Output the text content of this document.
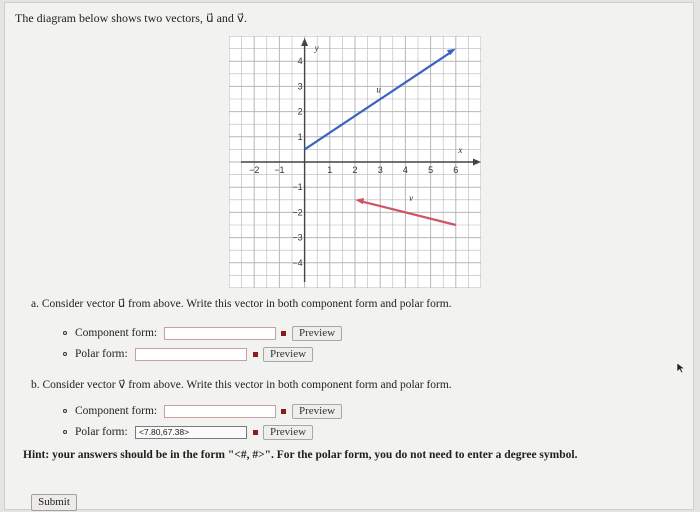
The diagram below shows two vectors, u⃗ and v⃗.
x
y
−2 −1	1 2 3 4 5 6
4
3
2
1
−1
−2
−3
−4
u⃗
v⃗
a. Consider vector u⃗ from above. Write this vector in both component form and polar form.
Component form:	Preview
Polar form:	Preview
b. Consider vector v⃗ from above. Write this vector in both component form and polar form.
Component form:	Preview
Polar form:	<7.80,67.38>	Preview
Hint: your answers should be in the form "<#, #>". For the polar form, you do not need to enter a degree symbol.
Submit
